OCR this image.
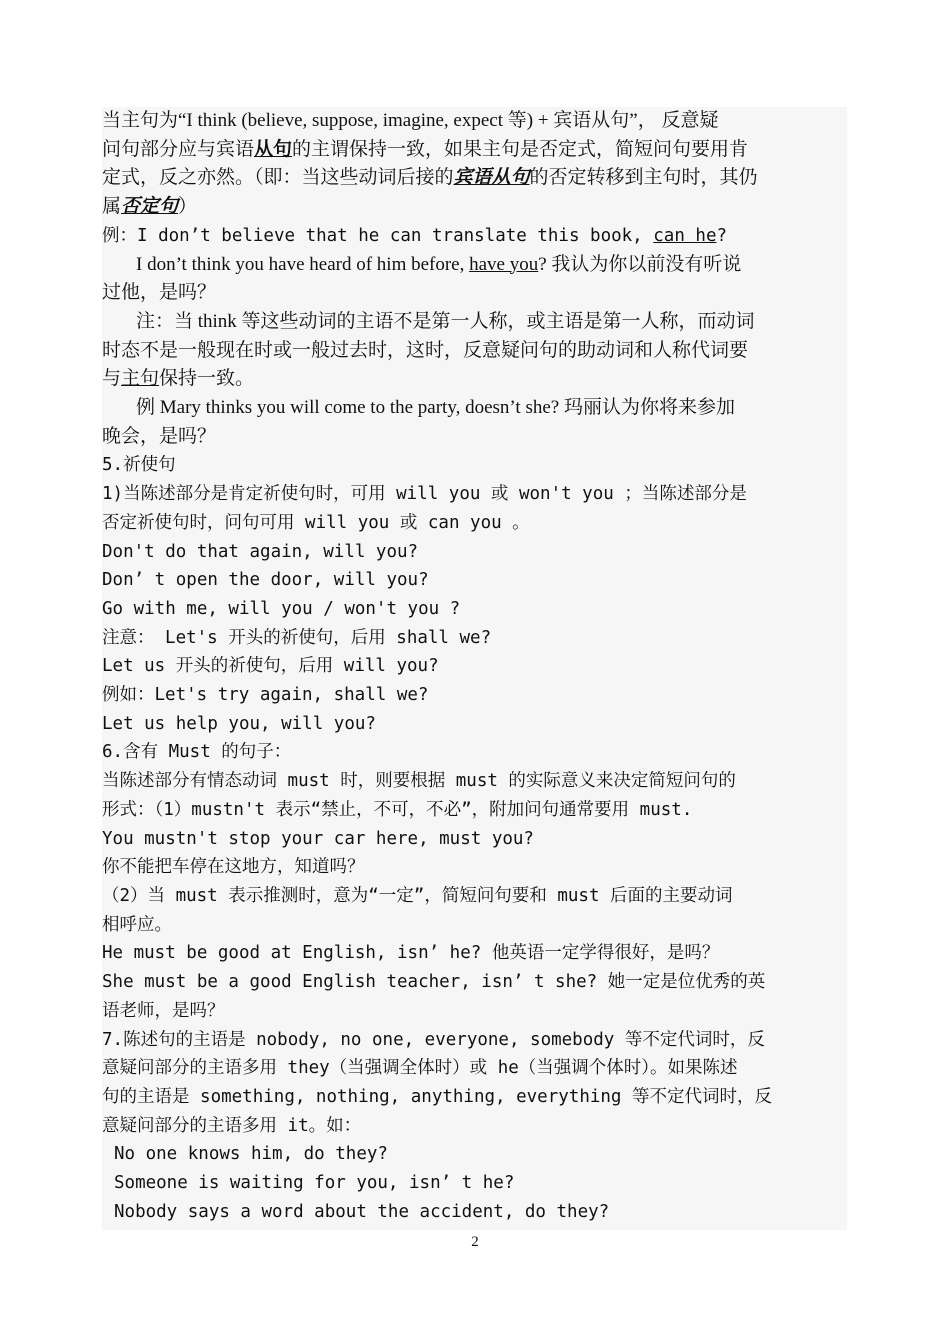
当主句为“I think (believe, suppose, imagine, expect 等) + 宾语从句”， 反意疑
问句部分应与宾语从句的主谓保持一致，如果主句是否定式，简短问句要用肯
定式，反之亦然。（即：当这些动词后接的宾语从句的否定转移到主句时，其仍
属否定句）
例：I don’t believe that he can translate this book, can he?
I don’t think you have heard of him before, have you? 我认为你以前没有听说
过他，是吗？
注：当 think 等这些动词的主语不是第一人称，或主语是第一人称，而动词
时态不是一般现在时或一般过去时，这时，反意疑问句的助动词和人称代词要
与主句保持一致。
例 Mary thinks you will come to the party, doesn’t she? 玛丽认为你将来参加
晚会，是吗？
5.祈使句
1)当陈述部分是肯定祈使句时，可用 will you 或 won't you ；当陈述部分是
否定祈使句时，问句可用 will you 或 can you 。
Don't do that again, will you?
Don’ t open the door, will you?
Go with me, will you / won't you ?
注意： Let's 开头的祈使句，后用 shall we?
Let us 开头的祈使句，后用 will you?
例如：Let's try again, shall we?
Let us help you, will you?
6.含有 Must 的句子：
当陈述部分有情态动词 must 时，则要根据 must 的实际意义来决定简短问句的
形式：（1）mustn't 表示“禁止，不可，不必”，附加问句通常要用 must.
You mustn't stop your car here, must you?
你不能把车停在这地方，知道吗？
（2）当 must 表示推测时，意为“一定”，简短问句要和 must 后面的主要动词
相呼应。
He must be good at English, isn’ he? 他英语一定学得很好，是吗？
She must be a good English teacher, isn’ t she? 她一定是位优秀的英
语老师，是吗？
7.陈述句的主语是 nobody, no one, everyone, somebody 等不定代词时，反
意疑问部分的主语多用 they（当强调全体时）或 he（当强调个体时）。如果陈述
句的主语是 something, nothing, anything, everything 等不定代词时，反
意疑问部分的主语多用 it。如：
No one knows him, do they?
Someone is waiting for you, isn’ t he?
Nobody says a word about the accident, do they?
2
